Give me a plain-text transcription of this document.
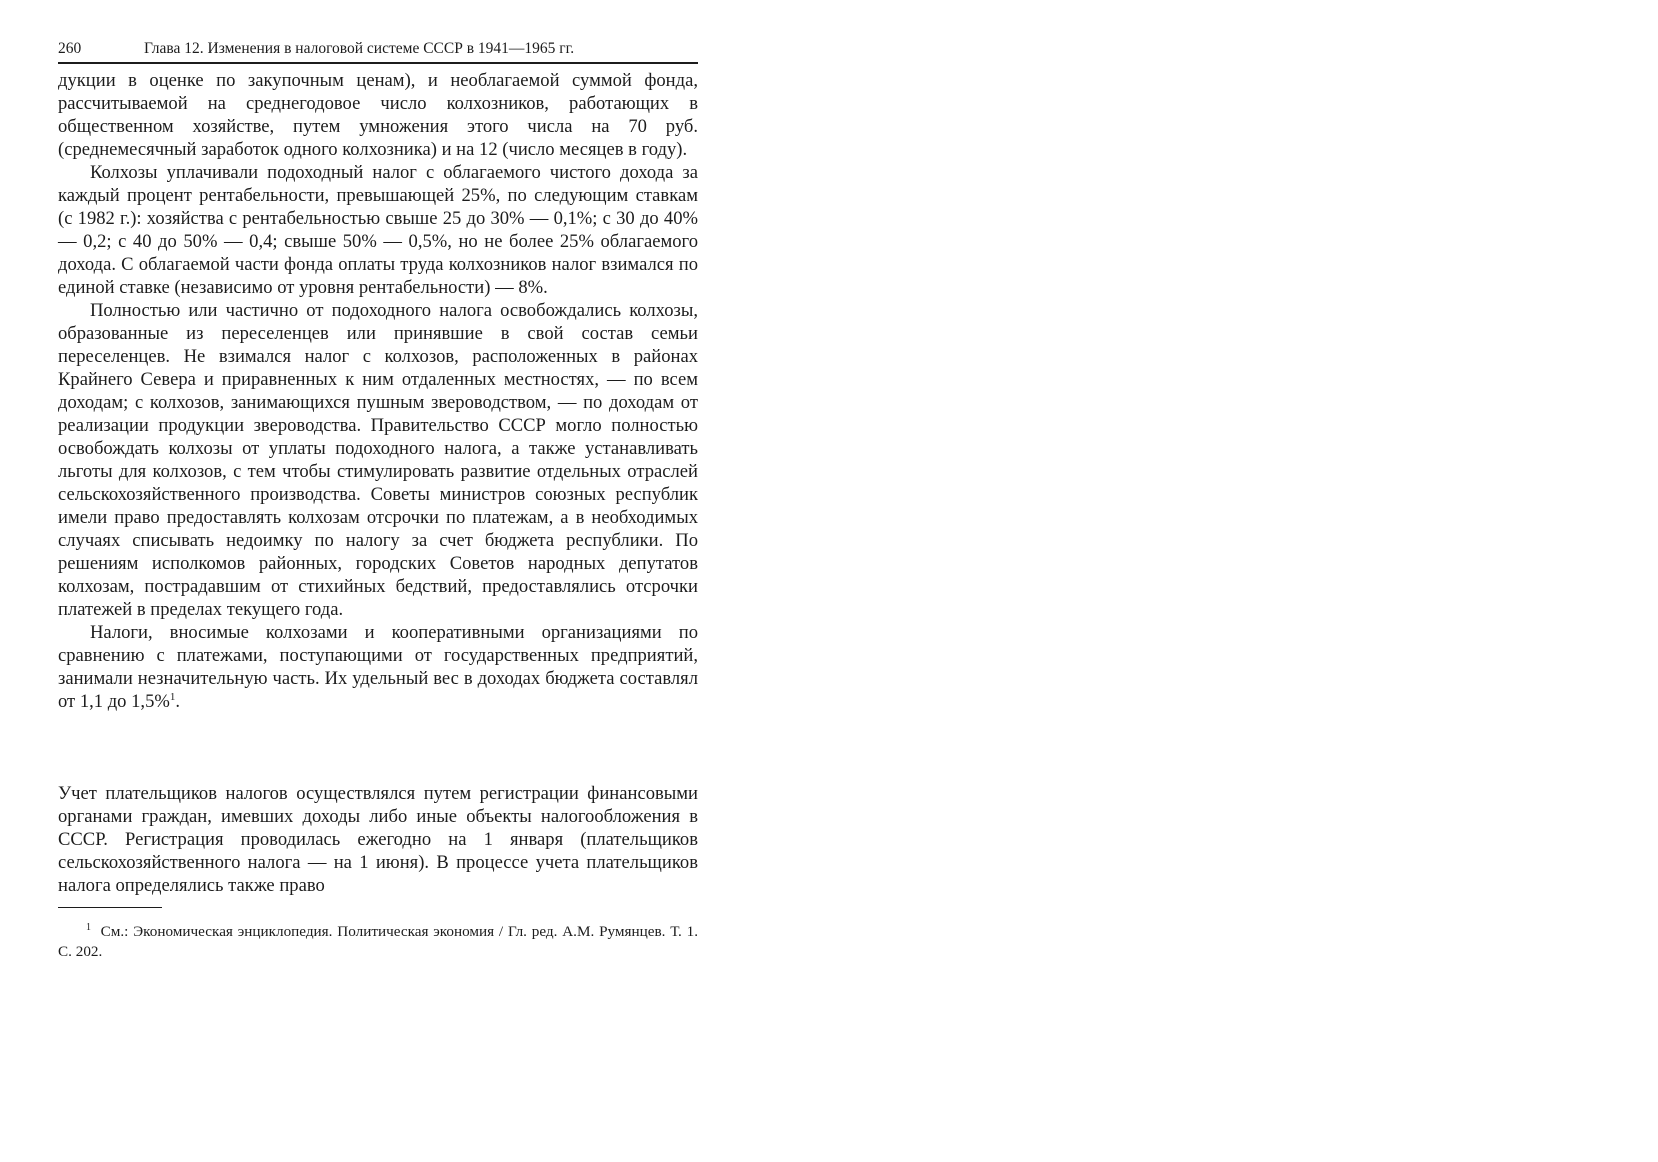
260	Глава 12. Изменения в налоговой системе СССР в 1941—1965 гг.

дукции в оценке по закупочным ценам), и необлагаемой суммой фонда, рассчитываемой на среднегодовое число колхозников, работающих в общественном хозяйстве, путем умножения этого числа на 70 руб. (среднемесячный заработок одного колхозника) и на 12 (число месяцев в году).

Колхозы уплачивали подоходный налог с облагаемого чистого дохода за каждый процент рентабельности, превышающей 25%, по следующим ставкам (с 1982 г.): хозяйства с рентабельностью свыше 25 до 30% — 0,1%; с 30 до 40% — 0,2; с 40 до 50% — 0,4; свыше 50% — 0,5%, но не более 25% облагаемого дохода. С облагаемой части фонда оплаты труда колхозников налог взимался по единой ставке (независимо от уровня рентабельности) — 8%.

Полностью или частично от подоходного налога освобождались колхозы, образованные из переселенцев или принявшие в свой состав семьи переселенцев. Не взимался налог с колхозов, расположенных в районах Крайнего Севера и приравненных к ним отдаленных местностях, — по всем доходам; с колхозов, занимающихся пушным звероводством, — по доходам от реализации продукции звероводства. Правительство СССР могло полностью освобождать колхозы от уплаты подоходного налога, а также устанавливать льготы для колхозов, с тем чтобы стимулировать развитие отдельных отраслей сельскохозяйственного производства. Советы министров союзных республик имели право предоставлять колхозам отсрочки по платежам, а в необходимых случаях списывать недоимку по налогу за счет бюджета республики. По решениям исполкомов районных, городских Советов народных депутатов колхозам, пострадавшим от стихийных бедствий, предоставлялись отсрочки платежей в пределах текущего года.

Налоги, вносимые колхозами и кооперативными организациями по сравнению с платежами, поступающими от государственных предприятий, занимали незначительную часть. Их удельный вес в доходах бюджета составлял от 1,1 до 1,5%$^1$.

Учет плательщиков налогов осуществлялся путем регистрации финансовыми органами граждан, имевших доходы либо иные объекты налогообложения в СССР. Регистрация проводилась ежегодно на 1 января (плательщиков сельскохозяйственного налога — на 1 июня). В процессе учета плательщиков налога определялись также право

$^1$ См.: Экономическая энциклопедия. Политическая экономия / Гл. ред. А.М. Румянцев. Т. 1. С. 202.
